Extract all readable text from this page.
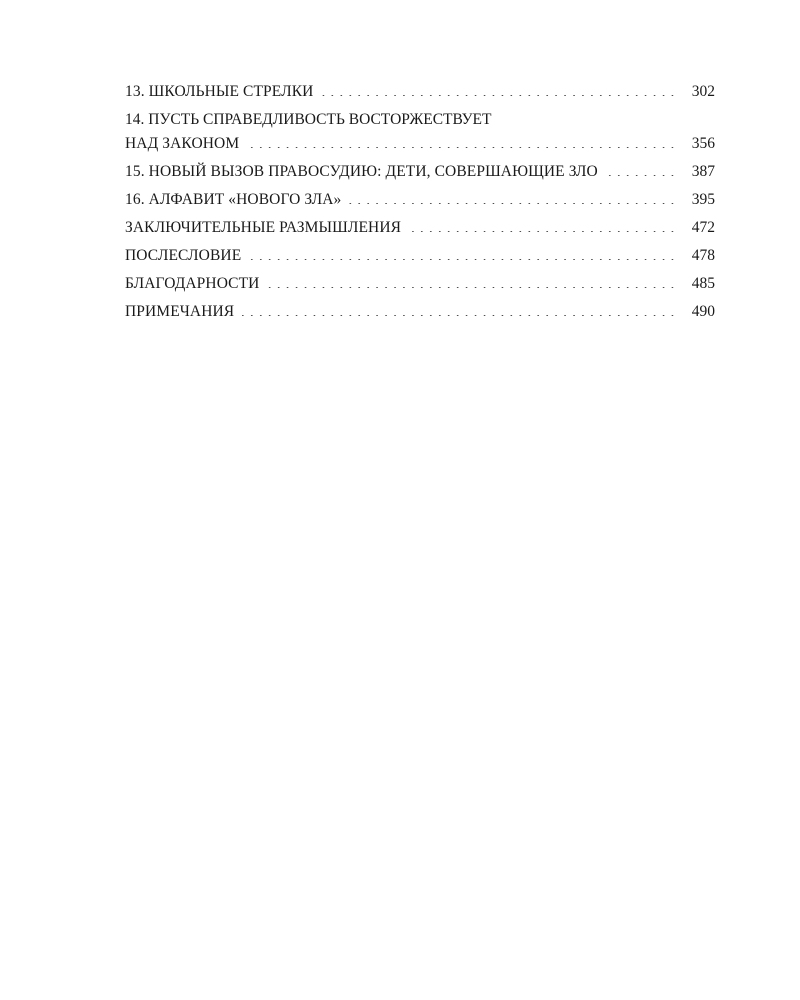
13. ШКОЛЬНЫЕ СТРЕЛКИ . . .	302
14. ПУСТЬ СПРАВЕДЛИВОСТЬ ВОСТОРЖЕСТВУЕТ
НАД ЗАКОНОМ . . .	356
15. НОВЫЙ ВЫЗОВ ПРАВОСУДИЮ: ДЕТИ, СОВЕРШАЮЩИЕ ЗЛО . . .	387
16. АЛФАВИТ «НОВОГО ЗЛА» . . .	395
ЗАКЛЮЧИТЕЛЬНЫЕ РАЗМЫШЛЕНИЯ . . .	472
ПОСЛЕСЛОВИЕ . . .	478
БЛАГОДАРНОСТИ . . .	485
ПРИМЕЧАНИЯ . . .	490
